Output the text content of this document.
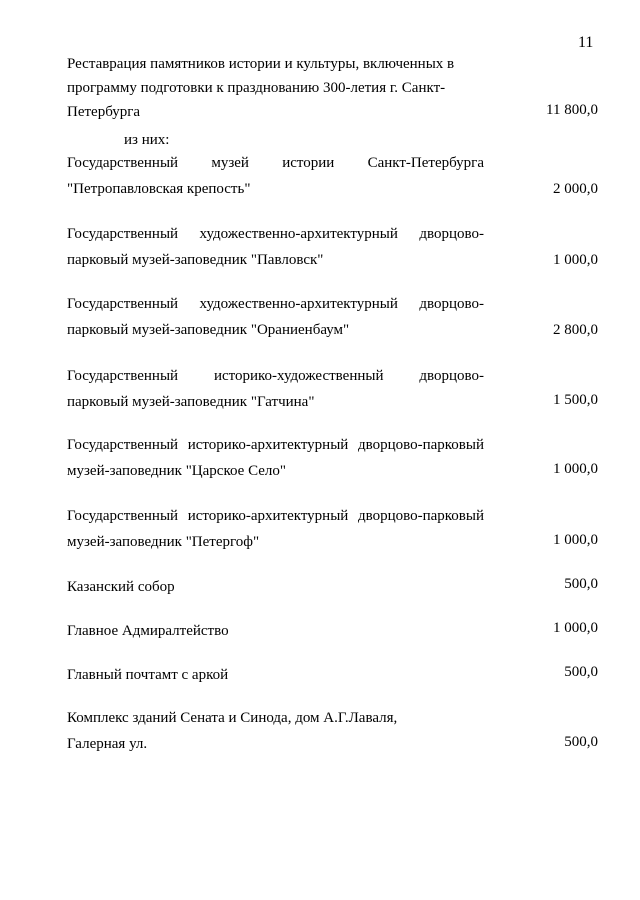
11
Реставрация памятников истории и культуры, включенных в
программу подготовки к празднованию 300-летия г. Санкт-
Петербурга	11 800,0
из них:
Государственный музей истории Санкт-Петербурга
"Петропавловская крепость"	2 000,0
Государственный художественно-архитектурный дворцово-
парковый музей-заповедник "Павловск"	1 000,0
Государственный художественно-архитектурный дворцово-
парковый музей-заповедник "Ораниенбаум"	2 800,0
Государственный историко-художественный дворцово-
парковый музей-заповедник "Гатчина"	1 500,0
Государственный историко-архитектурный дворцово-парковый
музей-заповедник "Царское Село"	1 000,0
Государственный историко-архитектурный дворцово-парковый
музей-заповедник "Петергоф"	1 000,0
Казанский собор	500,0
Главное Адмиралтейство	1 000,0
Главный почтамт с аркой	500,0
Комплекс зданий Сената и Синода, дом А.Г.Лаваля,
Галерная ул.	500,0
